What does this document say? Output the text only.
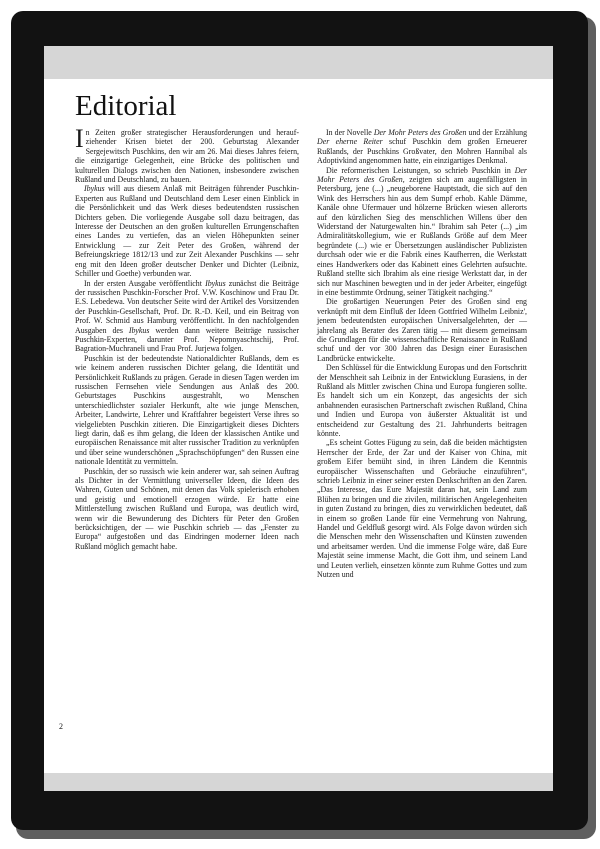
Editorial

In Zeiten großer strategischer Herausforderungen und heraufziehender Krisen bietet der 200. Geburtstag Alexander Sergejewitsch Puschkins, den wir am 26. Mai dieses Jahres feiern, die einzigartige Gelegenheit, eine Brücke des politischen und kulturellen Dialogs zwischen den Nationen, insbesondere zwischen Rußland und Deutschland, zu bauen.

Ibykus will aus diesem Anlaß mit Beiträgen führender Puschkin-Experten aus Rußland und Deutschland dem Leser einen Einblick in die Persönlichkeit und das Werk dieses bedeutendsten russischen Dichters geben. Die vorliegende Ausgabe soll dazu beitragen, das Interesse der Deutschen an den großen kulturellen Errungenschaften eines Landes zu vertiefen, das an vielen Höhepunkten seiner Entwicklung — zur Zeit Peter des Großen, während der Befreiungskriege 1812/13 und zur Zeit Alexander Puschkins — sehr eng mit den Ideen großer deutscher Denker und Dichter (Leibniz, Schiller und Goethe) verbunden war.

In der ersten Ausgabe veröffentlicht Ibykus zunächst die Beiträge der russischen Puschkin-Forscher Prof. V.W. Koschinow und Frau Dr. E.S. Lebedewa. Von deutscher Seite wird der Artikel des Vorsitzenden der Puschkin-Gesellschaft, Prof. Dr. R.-D. Keil, und ein Beitrag von Prof. W. Schmid aus Hamburg veröffentlicht. In den nachfolgenden Ausgaben des Ibykus werden dann weitere Beiträge russischer Puschkin-Experten, darunter Prof. Nepomnyaschtschij, Prof. Bagration-Muchraneli und Frau Prof. Jurjewa folgen.

Puschkin ist der bedeutendste Nationaldichter Rußlands, dem es wie keinem anderen russischen Dichter gelang, die Identität und Persönlichkeit Rußlands zu prägen. Gerade in diesen Tagen werden im russischen Fernsehen viele Sendungen aus Anlaß des 200. Geburtstages Puschkins ausgestrahlt, wo Menschen unterschiedlichster sozialer Herkunft, alte wie junge Menschen, Arbeiter, Landwirte, Lehrer und Kraftfahrer begeistert Verse ihres so vielgeliebten Puschkin zitieren. Die Einzigartigkeit dieses Dichters liegt darin, daß es ihm gelang, die Ideen der klassischen Antike und europäischen Renaissance mit alter russischer Tradition zu verknüpfen und über seine wunderschönen „Sprachschöpfungen“ den Russen eine nationale Identität zu vermitteln.

Puschkin, der so russisch wie kein anderer war, sah seinen Auftrag als Dichter in der Vermittlung universeller Ideen, die Ideen des Wahren, Guten und Schönen, mit denen das Volk spielerisch erhoben und geistig und emotionell erzogen würde. Er hatte eine Mittlerstellung zwischen Rußland und Europa, was deutlich wird, wenn wir die Bewunderung des Dichters für Peter den Großen berücksichtigen, der — wie Puschkin schrieb — das „Fenster zu Europa“ aufgestoßen und das Eindringen moderner Ideen nach Rußland möglich gemacht habe.

In der Novelle Der Mohr Peters des Großen und der Erzählung Der eherne Reiter schuf Puschkin dem großen Erneuerer Rußlands, der Puschkins Großvater, den Mohren Hannibal als Adoptivkind angenommen hatte, ein einzigartiges Denkmal.

Die reformerischen Leistungen, so schrieb Puschkin in Der Mohr Peters des Großen, zeigten sich am augenfälligsten in Petersburg, jene (...) „neugeborene Hauptstadt, die sich auf den Wink des Herrschers hin aus dem Sumpf erhob. Kahle Dämme, Kanäle ohne Ufermauer und hölzerne Brücken wiesen allerorts auf den kürzlichen Sieg des menschlichen Willens über den Widerstand der Naturgewalten hin.“ Ibrahim sah Peter (...) „im Admiralitätskollegium, wie er Rußlands Größe auf dem Meer begründete (...) wie er Übersetzungen ausländischer Publizisten durchsah oder wie er die Fabrik eines Kaufherren, die Werkstatt eines Handwerkers oder das Kabinett eines Gelehrten aufsuchte. Rußland stellte sich Ibrahim als eine riesige Werkstatt dar, in der sich nur Maschinen bewegten und in der jeder Arbeiter, eingefügt in eine bestimmte Ordnung, seiner Tätigkeit nachging.“

Die großartigen Neuerungen Peter des Großen sind eng verknüpft mit dem Einfluß der Ideen Gottfried Wilhelm Leibniz', jenem bedeutendsten europäischen Universalgelehrten, der — jahrelang als Berater des Zaren tätig — mit diesem gemeinsam die Grundlagen für die wissenschaftliche Renaissance in Rußland schuf und der vor 300 Jahren das Design einer Eurasischen Landbrücke entwickelte.

Den Schlüssel für die Entwicklung Europas und den Fortschritt der Menschheit sah Leibniz in der Entwicklung Eurasiens, in der Rußland als Mittler zwischen China und Europa fungieren sollte. Es handelt sich um ein Konzept, das angesichts der sich anbahnenden eurasischen Partnerschaft zwischen Rußland, China und Indien und Europa von äußerster Aktualität ist und entscheidend zur Gestaltung des 21. Jahrhunderts beitragen könnte.

„Es scheint Gottes Fügung zu sein, daß die beiden mächtigsten Herrscher der Erde, der Zar und der Kaiser von China, mit großem Eifer bemüht sind, in ihren Ländern die Kenntnis europäischer Wissenschaften und Gebräuche einzuführen“, schrieb Leibniz in einer seiner ersten Denkschriften an den Zaren. „Das Interesse, das Eure Majestät daran hat, sein Land zum Blühen zu bringen und die zivilen, militärischen Angelegenheiten in guten Zustand zu bringen, dies zu verwirklichen bedeutet, daß in einem so großen Lande für eine Vermehrung von Nahrung, Handel und Geldfluß gesorgt wird. Als Folge davon würden sich die Menschen mehr den Wissenschaften und Künsten zuwenden und arbeitsamer werden. Und die immense Folge wäre, daß Eure Majestät seine immense Macht, die Gott ihm, und seinem Land und Leuten verlieh, einsetzen könnte zum Ruhme Gottes und zum Nutzen und

2
